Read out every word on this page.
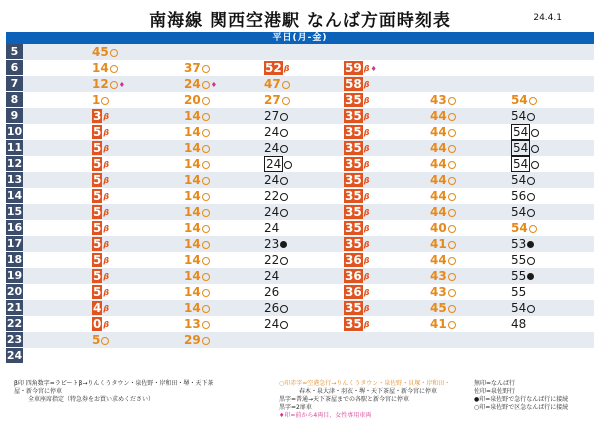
南海線 関西空港駅 なんば方面時刻表	24.4.1
平日(月-金)
5	45
6	14	37	52 β	59 β♦
7	12 ♦	24 ♦	47	58 β
8	1	20	27	35 β	43	54
9	3 β	14	27	35 β	44	54
10	5 β	14	24	35 β	44	54
11	5 β	14	24	35 β	44	54
12	5 β	14	24	35 β	44	54
13	5 β	14	24	35 β	44	54
14	5 β	14	22	35 β	44	56
15	5 β	14	24	35 β	44	54
16	5 β	14	24	35 β	40	54
17	5 β	14	23	35 β	41	53
18	5 β	14	22	36 β	44	55
19	5 β	14	24	36 β	43	55
20	5 β	14	26	36 β	43	55
21	4 β	14	26	35 β	45	54
22	0 β	13	24	35 β	41	48
23	5	29
24
β印 四角数字=ラピートβ→りんくうタウン・泉佐野・岸和田・堺・天下茶屋・新今宮に停車
全車座席指定（特急券をお買い求めください）
○印赤字=空港急行→りんくうタウン・泉佐野・貝塚・岸和田・
春木・泉大津・羽衣・堺・天下茶屋・新今宮に停車
黒字=普通→天下茶屋までの各駅と新今宮に停車
黒字=2扉車
♦印=前から4両目、女性専用車両
無印=なんば行
佐印=泉佐野行
●印=泉佐野で急行なんば行に接続
○印=泉佐野で区急なんば行に接続
